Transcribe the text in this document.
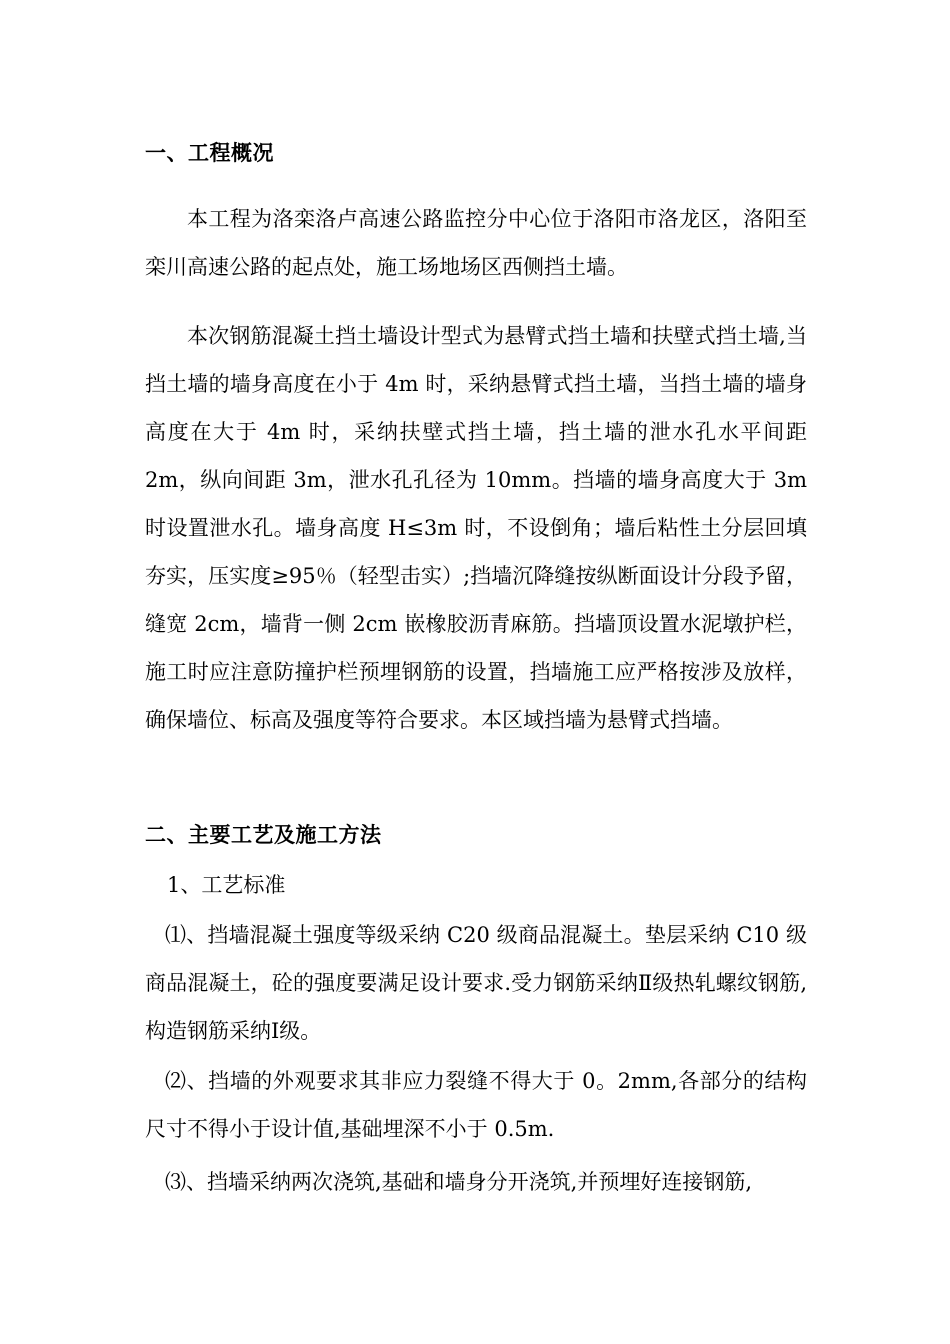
一、工程概况
本工程为洛栾洛卢高速公路监控分中心位于洛阳市洛龙区，洛阳至栾川高速公路的起点处，施工场地场区西侧挡土墙。
本次钢筋混凝土挡土墙设计型式为悬臂式挡土墙和扶壁式挡土墙,当挡土墙的墙身高度在小于 4m 时，采纳悬臂式挡土墙，当挡土墙的墙身高度在大于 4m 时，采纳扶壁式挡土墙，挡土墙的泄水孔水平间距 2m，纵向间距 3m，泄水孔孔径为 10mm。挡墙的墙身高度大于 3m 时设置泄水孔。墙身高度 H≤3m 时，不设倒角；墙后粘性土分层回填夯实，压实度≥95％（轻型击实）;挡墙沉降缝按纵断面设计分段予留，缝宽 2cm，墙背一侧 2cm 嵌橡胶沥青麻筋。挡墙顶设置水泥墩护栏，施工时应注意防撞护栏预埋钢筋的设置，挡墙施工应严格按涉及放样，确保墙位、标高及强度等符合要求。本区域挡墙为悬臂式挡墙。
二、主要工艺及施工方法
1、工艺标准
⑴、挡墙混凝土强度等级采纳 C20 级商品混凝土。垫层采纳 C10 级商品混凝土，砼的强度要满足设计要求.受力钢筋采纳Ⅱ级热轧螺纹钢筋,构造钢筋采纳Ⅰ级。
⑵、挡墙的外观要求其非应力裂缝不得大于 0。2mm,各部分的结构尺寸不得小于设计值,基础埋深不小于 0.5m.
⑶、挡墙采纳两次浇筑,基础和墙身分开浇筑,并预埋好连接钢筋,
